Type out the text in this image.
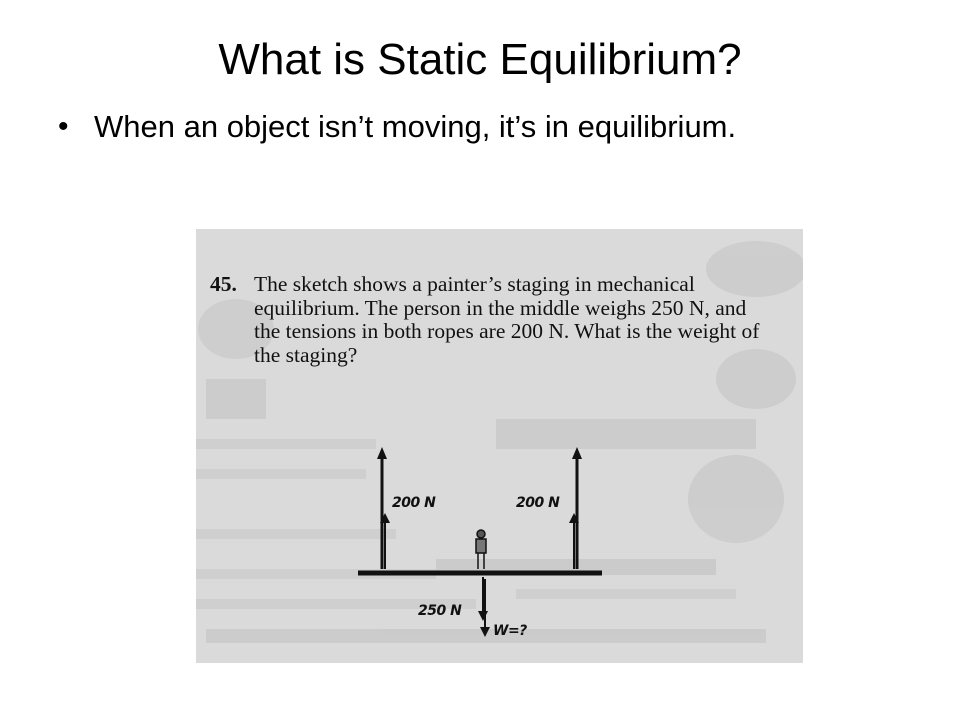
What is Static Equilibrium?
• When an object isn’t moving, it’s in equilibrium.
45. The sketch shows a painter’s staging in mechanical equilibrium. The person in the middle weighs 250 N, and the tensions in both ropes are 200 N. What is the weight of the staging?
200 N	200 N
250 N
W=?
